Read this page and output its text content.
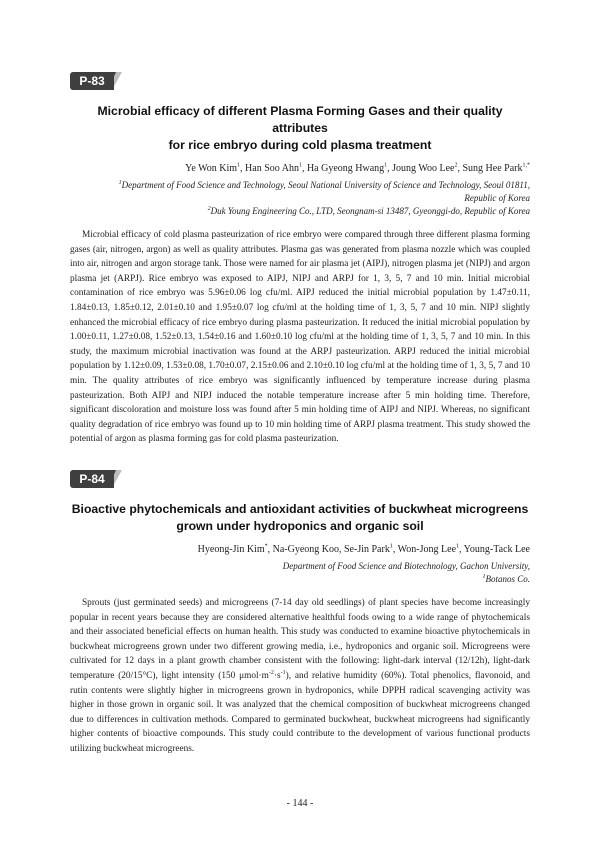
P-83

Microbial efficacy of different Plasma Forming Gases and their quality attributes
for rice embryo during cold plasma treatment

Ye Won Kim$^1$, Han Soo Ahn$^1$, Ha Gyeong Hwang$^1$, Joung Woo Lee$^2$, Sung Hee Park$^{1,*}$

$^1$Department of Food Science and Technology, Seoul National University of Science and Technology, Seoul 01811,
Republic of Korea

$^2$Duk Young Engineering Co., LTD, Seongnam-si 13487, Gyeonggi-do, Republic of Korea

Microbial efficacy of cold plasma pasteurization of rice embryo were compared through three different plasma forming gases (air, nitrogen, argon) as well as quality attributes. Plasma gas was generated from plasma nozzle which was coupled into air, nitrogen and argon storage tank. Those were named for air plasma jet (AIPJ), nitrogen plasma jet (NIPJ) and argon plasma jet (ARPJ). Rice embryo was exposed to AIPJ, NIPJ and ARPJ for 1, 3, 5, 7 and 10 min. Initial microbial contamination of rice embryo was 5.96±0.06 log cfu/ml. AIPJ reduced the initial microbial population by 1.47±0.11, 1.84±0.13, 1.85±0.12, 2.01±0.10 and 1.95±0.07 log cfu/ml at the holding time of 1, 3, 5, 7 and 10 min. NIPJ slightly enhanced the microbial efficacy of rice embryo during plasma pasteurization. It reduced the initial microbial population by 1.00±0.11, 1.27±0.08, 1.52±0.13, 1.54±0.16 and 1.60±0.10 log cfu/ml at the holding time of 1, 3, 5, 7 and 10 min. In this study, the maximum microbial inactivation was found at the ARPJ pasteurization. ARPJ reduced the initial microbial population by 1.12±0.09, 1.53±0.08, 1.70±0.07, 2.15±0.06 and 2.10±0.10 log cfu/ml at the holding time of 1, 3, 5, 7 and 10 min. The quality attributes of rice embryo was significantly influenced by temperature increase during plasma pasteurization. Both AIPJ and NIPJ induced the notable temperature increase after 5 min holding time. Therefore, significant discoloration and moisture loss was found after 5 min holding time of AIPJ and NIPJ. Whereas, no significant quality degradation of rice embryo was found up to 10 min holding time of ARPJ plasma treatment. This study showed the potential of argon as plasma forming gas for cold plasma pasteurization.

P-84

Bioactive phytochemicals and antioxidant activities of buckwheat microgreens
grown under hydroponics and organic soil

Hyeong-Jin Kim*, Na-Gyeong Koo, Se-Jin Park$^1$, Won-Jong Lee$^1$, Young-Tack Lee

Department of Food Science and Biotechnology, Gachon University,

$^1$Botanos Co.

Sprouts (just germinated seeds) and microgreens (7-14 day old seedlings) of plant species have become increasingly popular in recent years because they are considered alternative healthful foods owing to a wide range of phytochemicals and their associated beneficial effects on human health. This study was conducted to examine bioactive phytochemicals in buckwheat microgreens grown under two different growing media, i.e., hydroponics and organic soil. Microgreens were cultivated for 12 days in a plant growth chamber consistent with the following: light-dark interval (12/12h), light-dark temperature (20/15°C), light intensity (150 $\mu mol\cdot m^{-2}\cdot s^{-1}$), and relative humidity (60%). Total phenolics, flavonoid, and rutin contents were slightly higher in microgreens grown in hydroponics, while DPPH radical scavenging activity was higher in those grown in organic soil. It was analyzed that the chemical composition of buckwheat microgreens changed due to differences in cultivation methods. Compared to germinated buckwheat, buckwheat microgreens had significantly higher contents of bioactive compounds. This study could contribute to the development of various functional products utilizing buckwheat microgreens.

- 144 -
